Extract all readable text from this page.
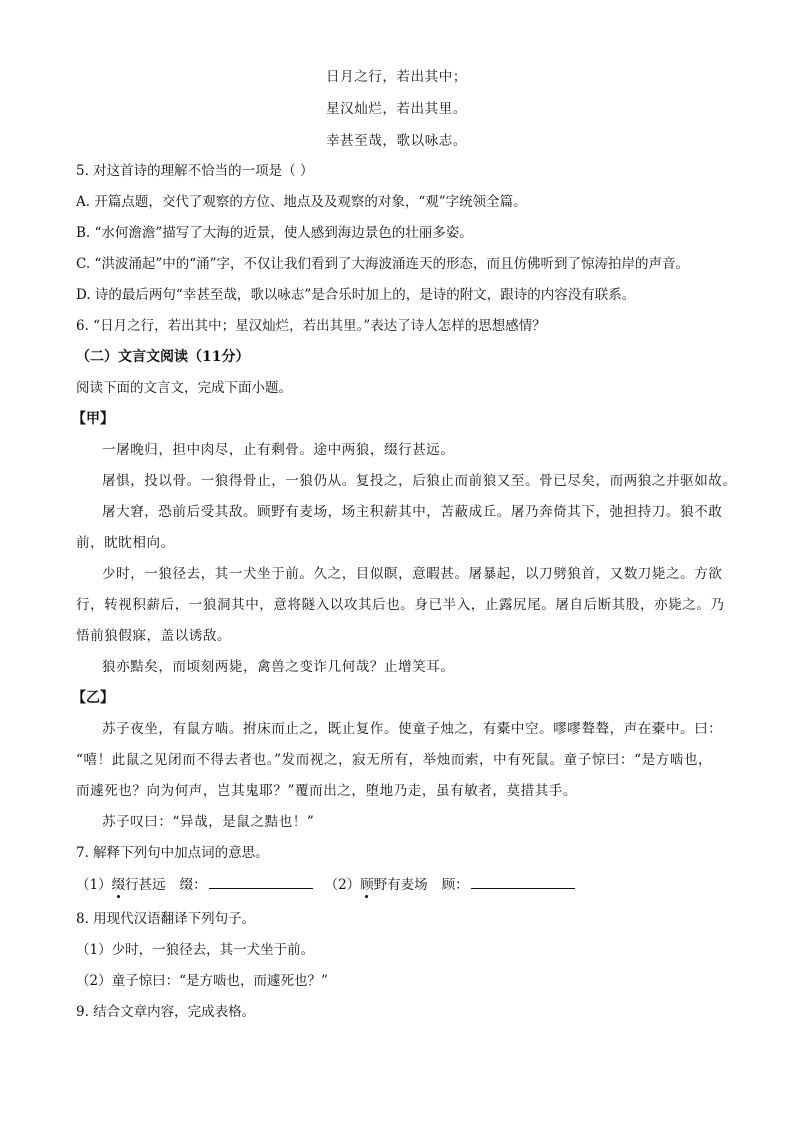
日月之行，若出其中；
星汉灿烂，若出其里。
幸甚至哉，歌以咏志。
5. 对这首诗的理解不恰当的一项是（ ）
A. 开篇点题，交代了观察的方位、地点及及观察的对象，“观”字统领全篇。
B. “水何澹澹”描写了大海的近景，使人感到海边景色的壮丽多姿。
C. “洪波涌起”中的“涌”字，不仅让我们看到了大海波涌连天的形态，而且仿佛听到了惊涛拍岸的声音。
D. 诗的最后两句“幸甚至哉，歌以咏志”是合乐时加上的，是诗的附文，跟诗的内容没有联系。
6. “日月之行，若出其中；星汉灿烂，若出其里。”表达了诗人怎样的思想感情？
（二）文言文阅读（11分）
阅读下面的文言文，完成下面小题。
【甲】
一屠晚归，担中肉尽，止有剩骨。途中两狼，缀行甚远。
屠惧，投以骨。一狼得骨止，一狼仍从。复投之，后狼止而前狼又至。骨已尽矣，而两狼之并驱如故。
屠大窘，恐前后受其敌。顾野有麦场，场主积薪其中，苫蔽成丘。屠乃奔倚其下，弛担持刀。狼不敢
前，眈眈相向。
少时，一狼径去，其一犬坐于前。久之，目似瞑，意暇甚。屠暴起，以刀劈狼首，又数刀毙之。方欲
行，转视积薪后，一狼洞其中，意将隧入以攻其后也。身已半入，止露尻尾。屠自后断其股，亦毙之。乃
悟前狼假寐，盖以诱敌。
狼亦黠矣，而顷刻两毙，禽兽之变诈几何哉？止增笑耳。
【乙】
苏子夜坐，有鼠方啮。拊床而止之，既止复作。使童子烛之，有橐中空。嘐嘐聱聱，声在橐中。曰：
“嘻！此鼠之见闭而不得去者也。”发而视之，寂无所有，举烛而索，中有死鼠。童子惊曰：“是方啮也，
而遽死也？向为何声，岂其鬼耶？”覆而出之，堕地乃走，虽有敏者，莫措其手。
苏子叹曰：“异哉，是鼠之黠也！”
7. 解释下列句中加点词的意思。
（1）缀行甚远 缀：	（2）顾野有麦场 顾：
8. 用现代汉语翻译下列句子。
（1）少时，一狼径去，其一犬坐于前。
（2）童子惊曰：“是方啮也，而遽死也？”
9. 结合文章内容，完成表格。
